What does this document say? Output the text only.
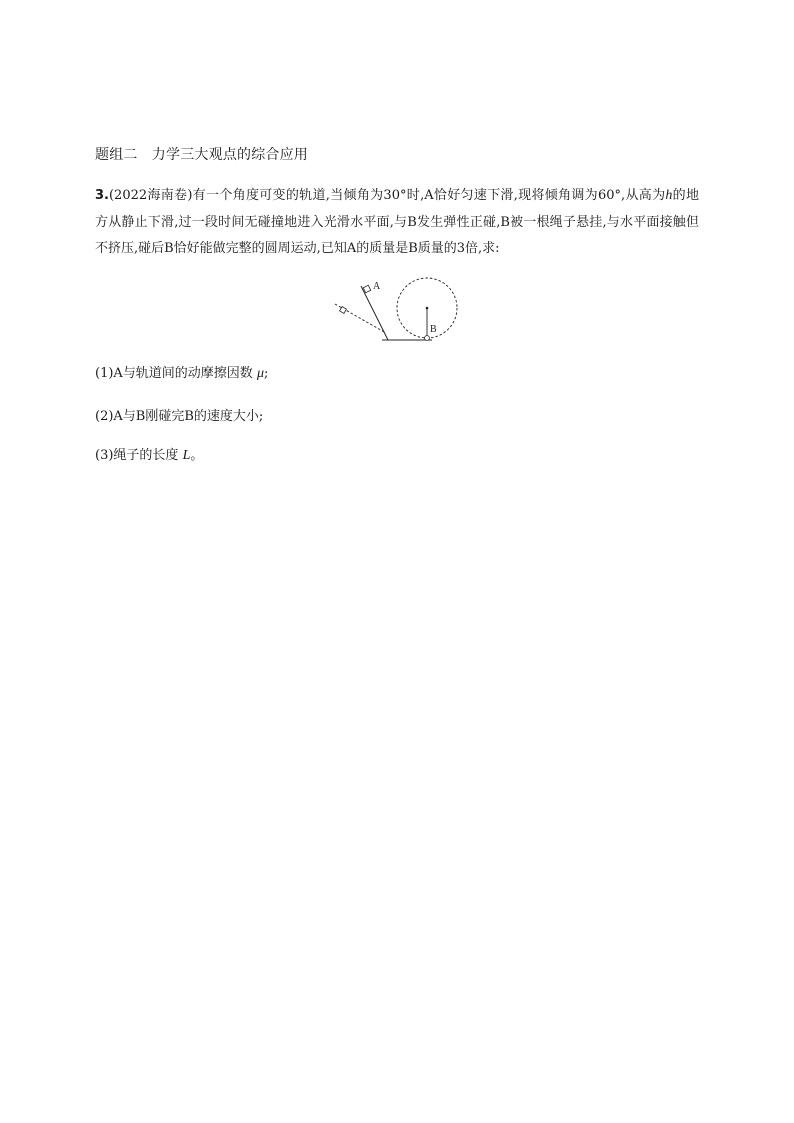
题组二　力学三大观点的综合应用
3.(2022海南卷)有一个角度可变的轨道,当倾角为30°时,A恰好匀速下滑,现将倾角调为60°,从高为h的地方从静止下滑,过一段时间无碰撞地进入光滑水平面,与B发生弹性正碰,B被一根绳子悬挂,与水平面接触但不挤压,碰后B恰好能做完整的圆周运动,已知A的质量是B质量的3倍,求:
A
B
(1)A与轨道间的动摩擦因数 μ;
(2)A与B刚碰完B的速度大小;
(3)绳子的长度 L。
